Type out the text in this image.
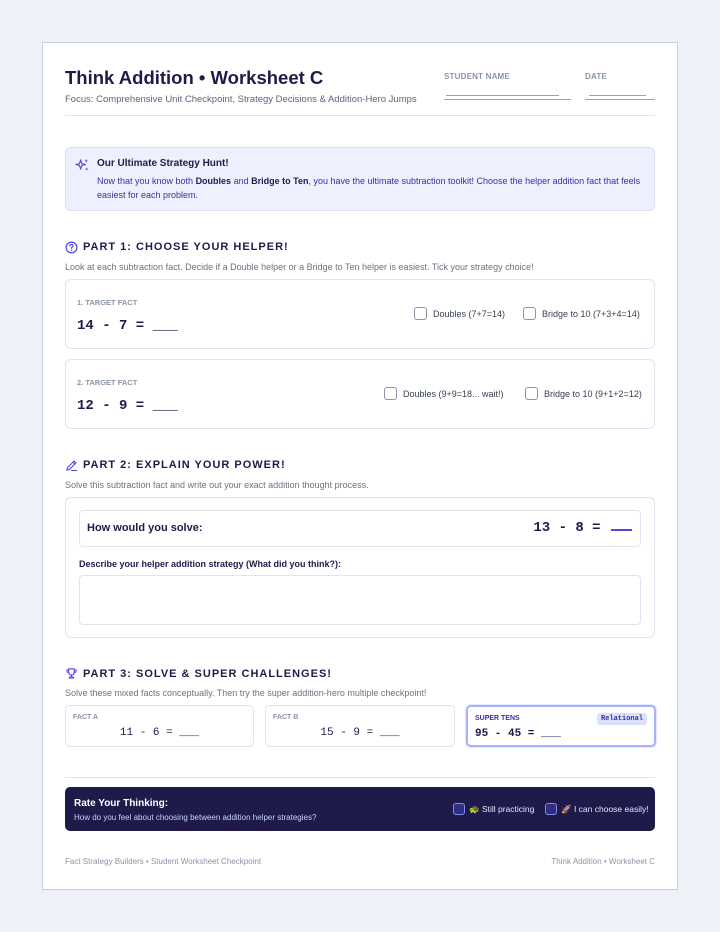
Think Addition • Worksheet C
Focus: Comprehensive Unit Checkpoint, Strategy Decisions & Addition-Hero Jumps
STUDENT NAME	DATE
Our Ultimate Strategy Hunt!
Now that you know both Doubles and Bridge to Ten, you have the ultimate subtraction toolkit! Choose the helper addition fact that feels easiest for each problem.
PART 1: CHOOSE YOUR HELPER!
Look at each subtraction fact. Decide if a Double helper or a Bridge to Ten helper is easiest. Tick your strategy choice!
1. TARGET FACT
14 - 7 = ___
Doubles (7+7=14)	Bridge to 10 (7+3+4=14)
2. TARGET FACT
12 - 9 = ___
Doubles (9+9=18... wait!)	Bridge to 10 (9+1+2=12)
PART 2: EXPLAIN YOUR POWER!
Solve this subtraction fact and write out your exact addition thought process.
How would you solve:	13 - 8 =
Describe your helper addition strategy (What did you think?):
PART 3: SOLVE & SUPER CHALLENGES!
Solve these mixed facts conceptually. Then try the super addition-hero multiple checkpoint!
FACT A
11 - 6 = ___
FACT B
15 - 9 = ___
SUPER TENS	Relational
95 - 45 = ___
Rate Your Thinking:
How do you feel about choosing between addition helper strategies?
🐢 Still practicing	🚀 I can choose easily!
Fact Strategy Builders • Student Worksheet Checkpoint	Think Addition • Worksheet C
